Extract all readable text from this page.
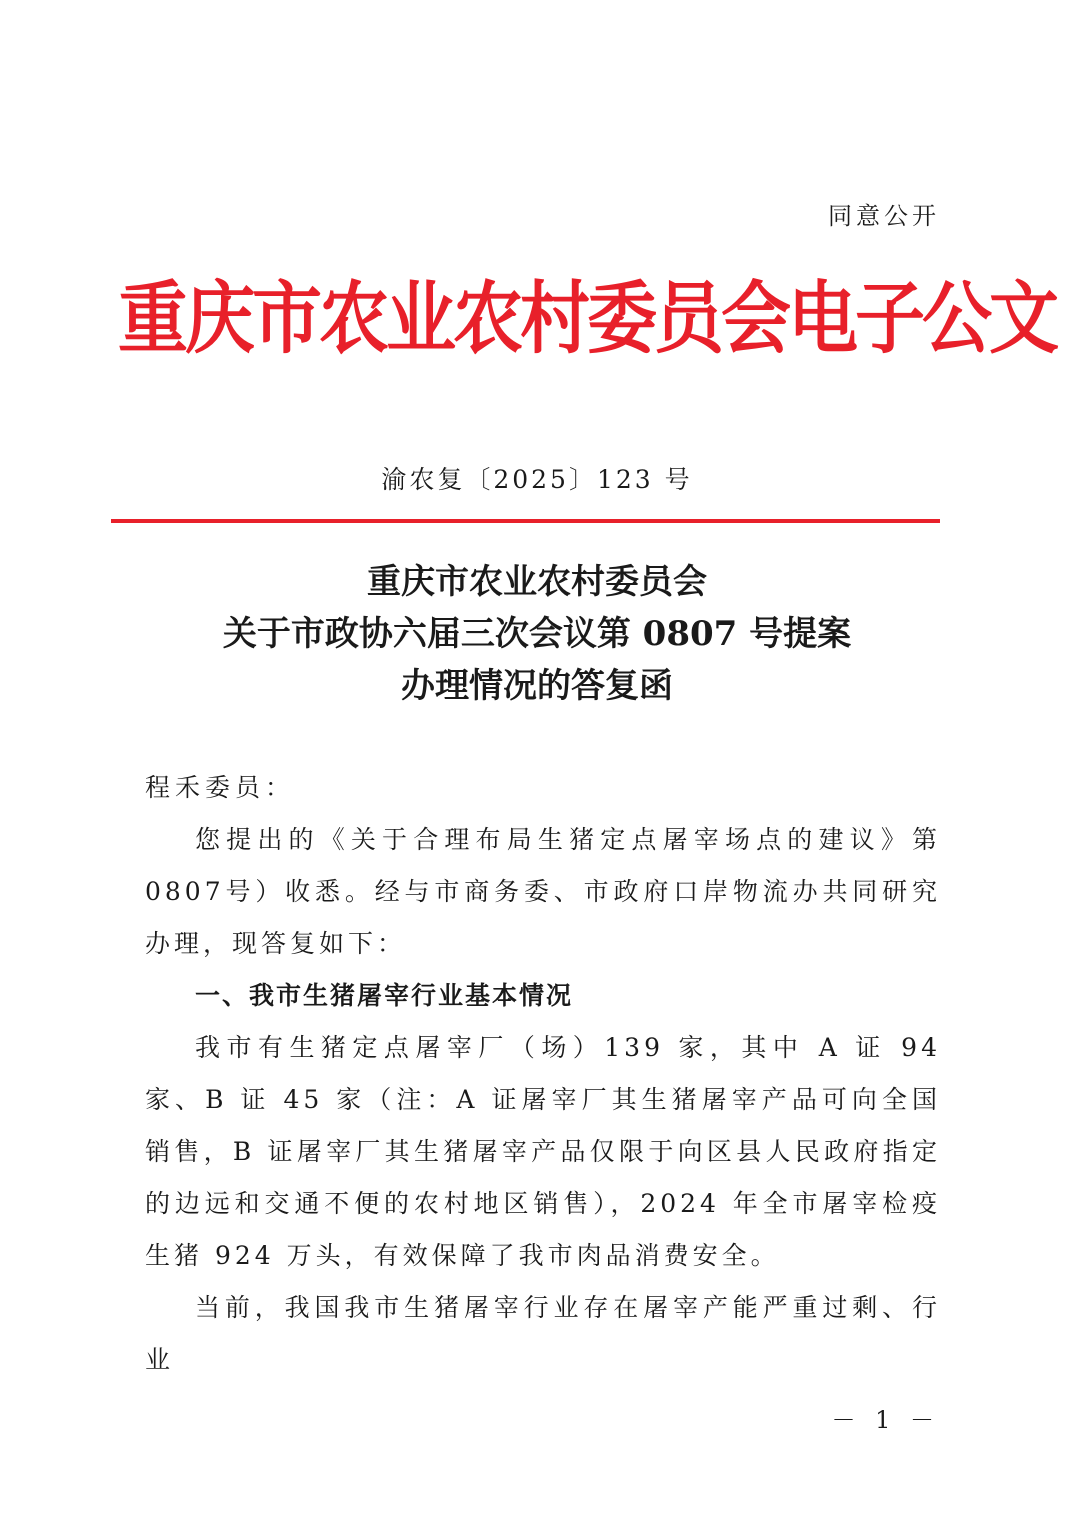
同意公开
重庆市农业农村委员会电子公文
渝农复〔2025〕123 号
重庆市农业农村委员会
关于市政协六届三次会议第 0807 号提案
办理情况的答复函

程禾委员：

您提出的《关于合理布局生猪定点屠宰场点的建议》第0807号）收悉。经与市商务委、市政府口岸物流办共同研究办理，现答复如下：

一、我市生猪屠宰行业基本情况

我市有生猪定点屠宰厂（场）139 家，其中 A 证 94 家、B 证 45 家（注：A 证屠宰厂其生猪屠宰产品可向全国销售，B 证屠宰厂其生猪屠宰产品仅限于向区县人民政府指定的边远和交通不便的农村地区销售），2024 年全市屠宰检疫生猪 924 万头，有效保障了我市肉品消费安全。

当前，我国我市生猪屠宰行业存在屠宰产能严重过剩、行业

－ 1 －
